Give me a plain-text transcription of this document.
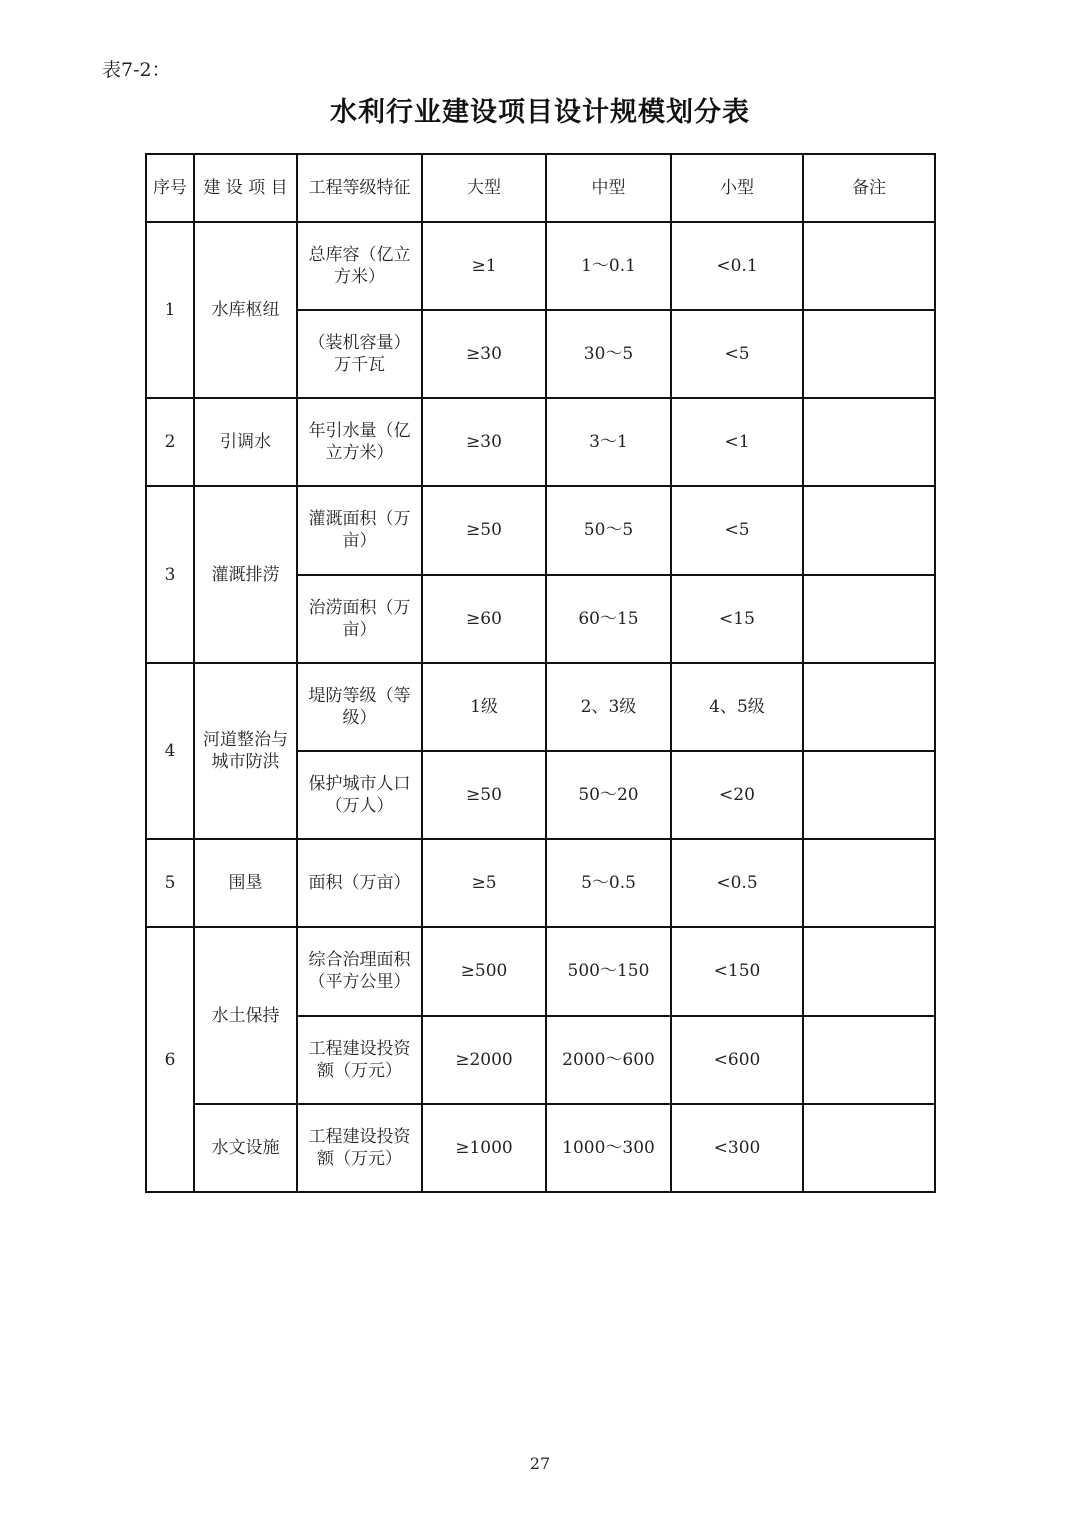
表7-2：
水利行业建设项目设计规模划分表
序号	建 设 项 目	工程等级特征	大型	中型	小型	备注
1	水库枢纽	总库容（亿立方米）	≥1	1～0.1	<0.1	
		（装机容量）万千瓦	≥30	30～5	<5	
2	引调水	年引水量（亿立方米）	≥30	3～1	<1	
3	灌溉排涝	灌溉面积（万亩）	≥50	50～5	<5	
		治涝面积（万亩）	≥60	60～15	<15	
4	河道整治与城市防洪	堤防等级（等级）	1级	2、3级	4、5级	
		保护城市人口（万人）	≥50	50～20	<20	
5	围垦	面积（万亩）	≥5	5～0.5	<0.5	
6	水土保持	综合治理面积（平方公里）	≥500	500～150	<150	
		工程建设投资额（万元）	≥2000	2000～600	<600	
	水文设施	工程建设投资额（万元）	≥1000	1000～300	<300	
27
